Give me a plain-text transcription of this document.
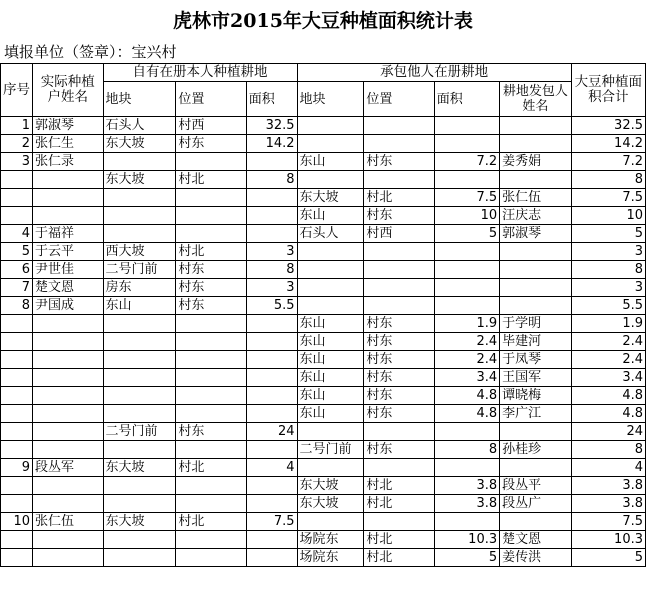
虎林市2015年大豆种植面积统计表
填报单位（签章）：宝兴村
序号	实际种植户姓名	自有在册本人种植耕地			承包他人在册耕地				大豆种植面积合计
		地块	位置	面积	地块	位置	面积	耕地发包人姓名	
1	郭淑琴	石头人	村西	32.5					32.5
2	张仁生	东大坡	村东	14.2					14.2
3	张仁录				东山	村东	7.2	姜秀娟	7.2
		东大坡	村北	8					8
					东大坡	村北	7.5	张仁伍	7.5
					东山	村东	10	汪庆志	10
4	于福祥				石头人	村西	5	郭淑琴	5
5	于云平	西大坡	村北	3					3
6	尹世佳	二号门前	村东	8					8
7	楚文恩	房东	村东	3					3
8	尹国成	东山	村东	5.5					5.5
					东山	村东	1.9	于学明	1.9
					东山	村东	2.4	毕建河	2.4
					东山	村东	2.4	于凤琴	2.4
					东山	村东	3.4	王国军	3.4
					东山	村东	4.8	谭晓梅	4.8
					东山	村东	4.8	李广江	4.8
		二号门前	村东	24					24
					二号门前	村东	8	孙桂珍	8
9	段丛军	东大坡	村北	4					4
					东大坡	村北	3.8	段丛平	3.8
					东大坡	村北	3.8	段丛广	3.8
10	张仁伍	东大坡	村北	7.5					7.5
					场院东	村北	10.3	楚文恩	10.3
					场院东	村北	5	姜传洪	5
